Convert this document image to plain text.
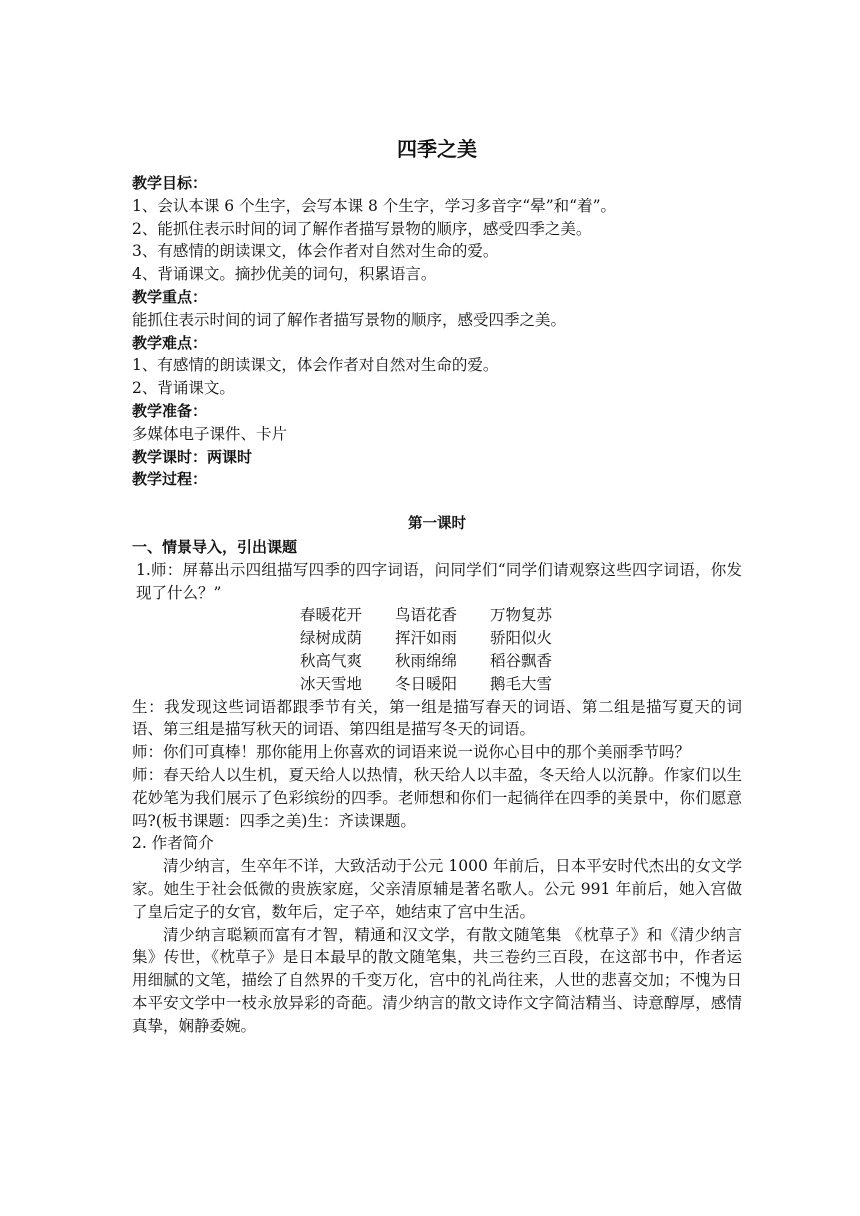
四季之美
教学目标：
1、会认本课 6 个生字，会写本课 8 个生字，学习多音字“晕”和“着”。
2、能抓住表示时间的词了解作者描写景物的顺序，感受四季之美。
3、有感情的朗读课文，体会作者对自然对生命的爱。
4、背诵课文。摘抄优美的词句，积累语言。
教学重点：
能抓住表示时间的词了解作者描写景物的顺序，感受四季之美。
教学难点：
1、有感情的朗读课文，体会作者对自然对生命的爱。
2、背诵课文。
教学准备：
多媒体电子课件、卡片
教学课时：两课时
教学过程：
第一课时
一、情景导入，引出课题
1.师：屏幕出示四组描写四季的四字词语，问同学们“同学们请观察这些四字词语，你发现了什么？”
春暖花开	鸟语花香	万物复苏
绿树成荫	挥汗如雨	骄阳似火
秋高气爽	秋雨绵绵	稻谷飘香
冰天雪地	冬日暖阳	鹅毛大雪
生：我发现这些词语都跟季节有关，第一组是描写春天的词语、第二组是描写夏天的词语、第三组是描写秋天的词语、第四组是描写冬天的词语。
师：你们可真棒！那你能用上你喜欢的词语来说一说你心目中的那个美丽季节吗？
师：春天给人以生机，夏天给人以热情，秋天给人以丰盈，冬天给人以沉静。作家们以生花妙笔为我们展示了色彩缤纷的四季。老师想和你们一起徜徉在四季的美景中，你们愿意吗?(板书课题：四季之美)生：齐读课题。
2. 作者简介
清少纳言，生卒年不详，大致活动于公元 1000 年前后，日本平安时代杰出的女文学家。她生于社会低微的贵族家庭，父亲清原辅是著名歌人。公元 991 年前后，她入宫做了皇后定子的女官，数年后，定子卒，她结束了宫中生活。
清少纳言聪颖而富有才智，精通和汉文学，有散文随笔集 《枕草子》和《清少纳言集》传世，《枕草子》是日本最早的散文随笔集，共三卷约三百段，在这部书中，作者运用细腻的文笔，描绘了自然界的千变万化，宫中的礼尚往来，人世的悲喜交加；不愧为日本平安文学中一枝永放异彩的奇葩。清少纳言的散文诗作文字简洁精当、诗意醇厚，感情真挚，娴静委婉。
